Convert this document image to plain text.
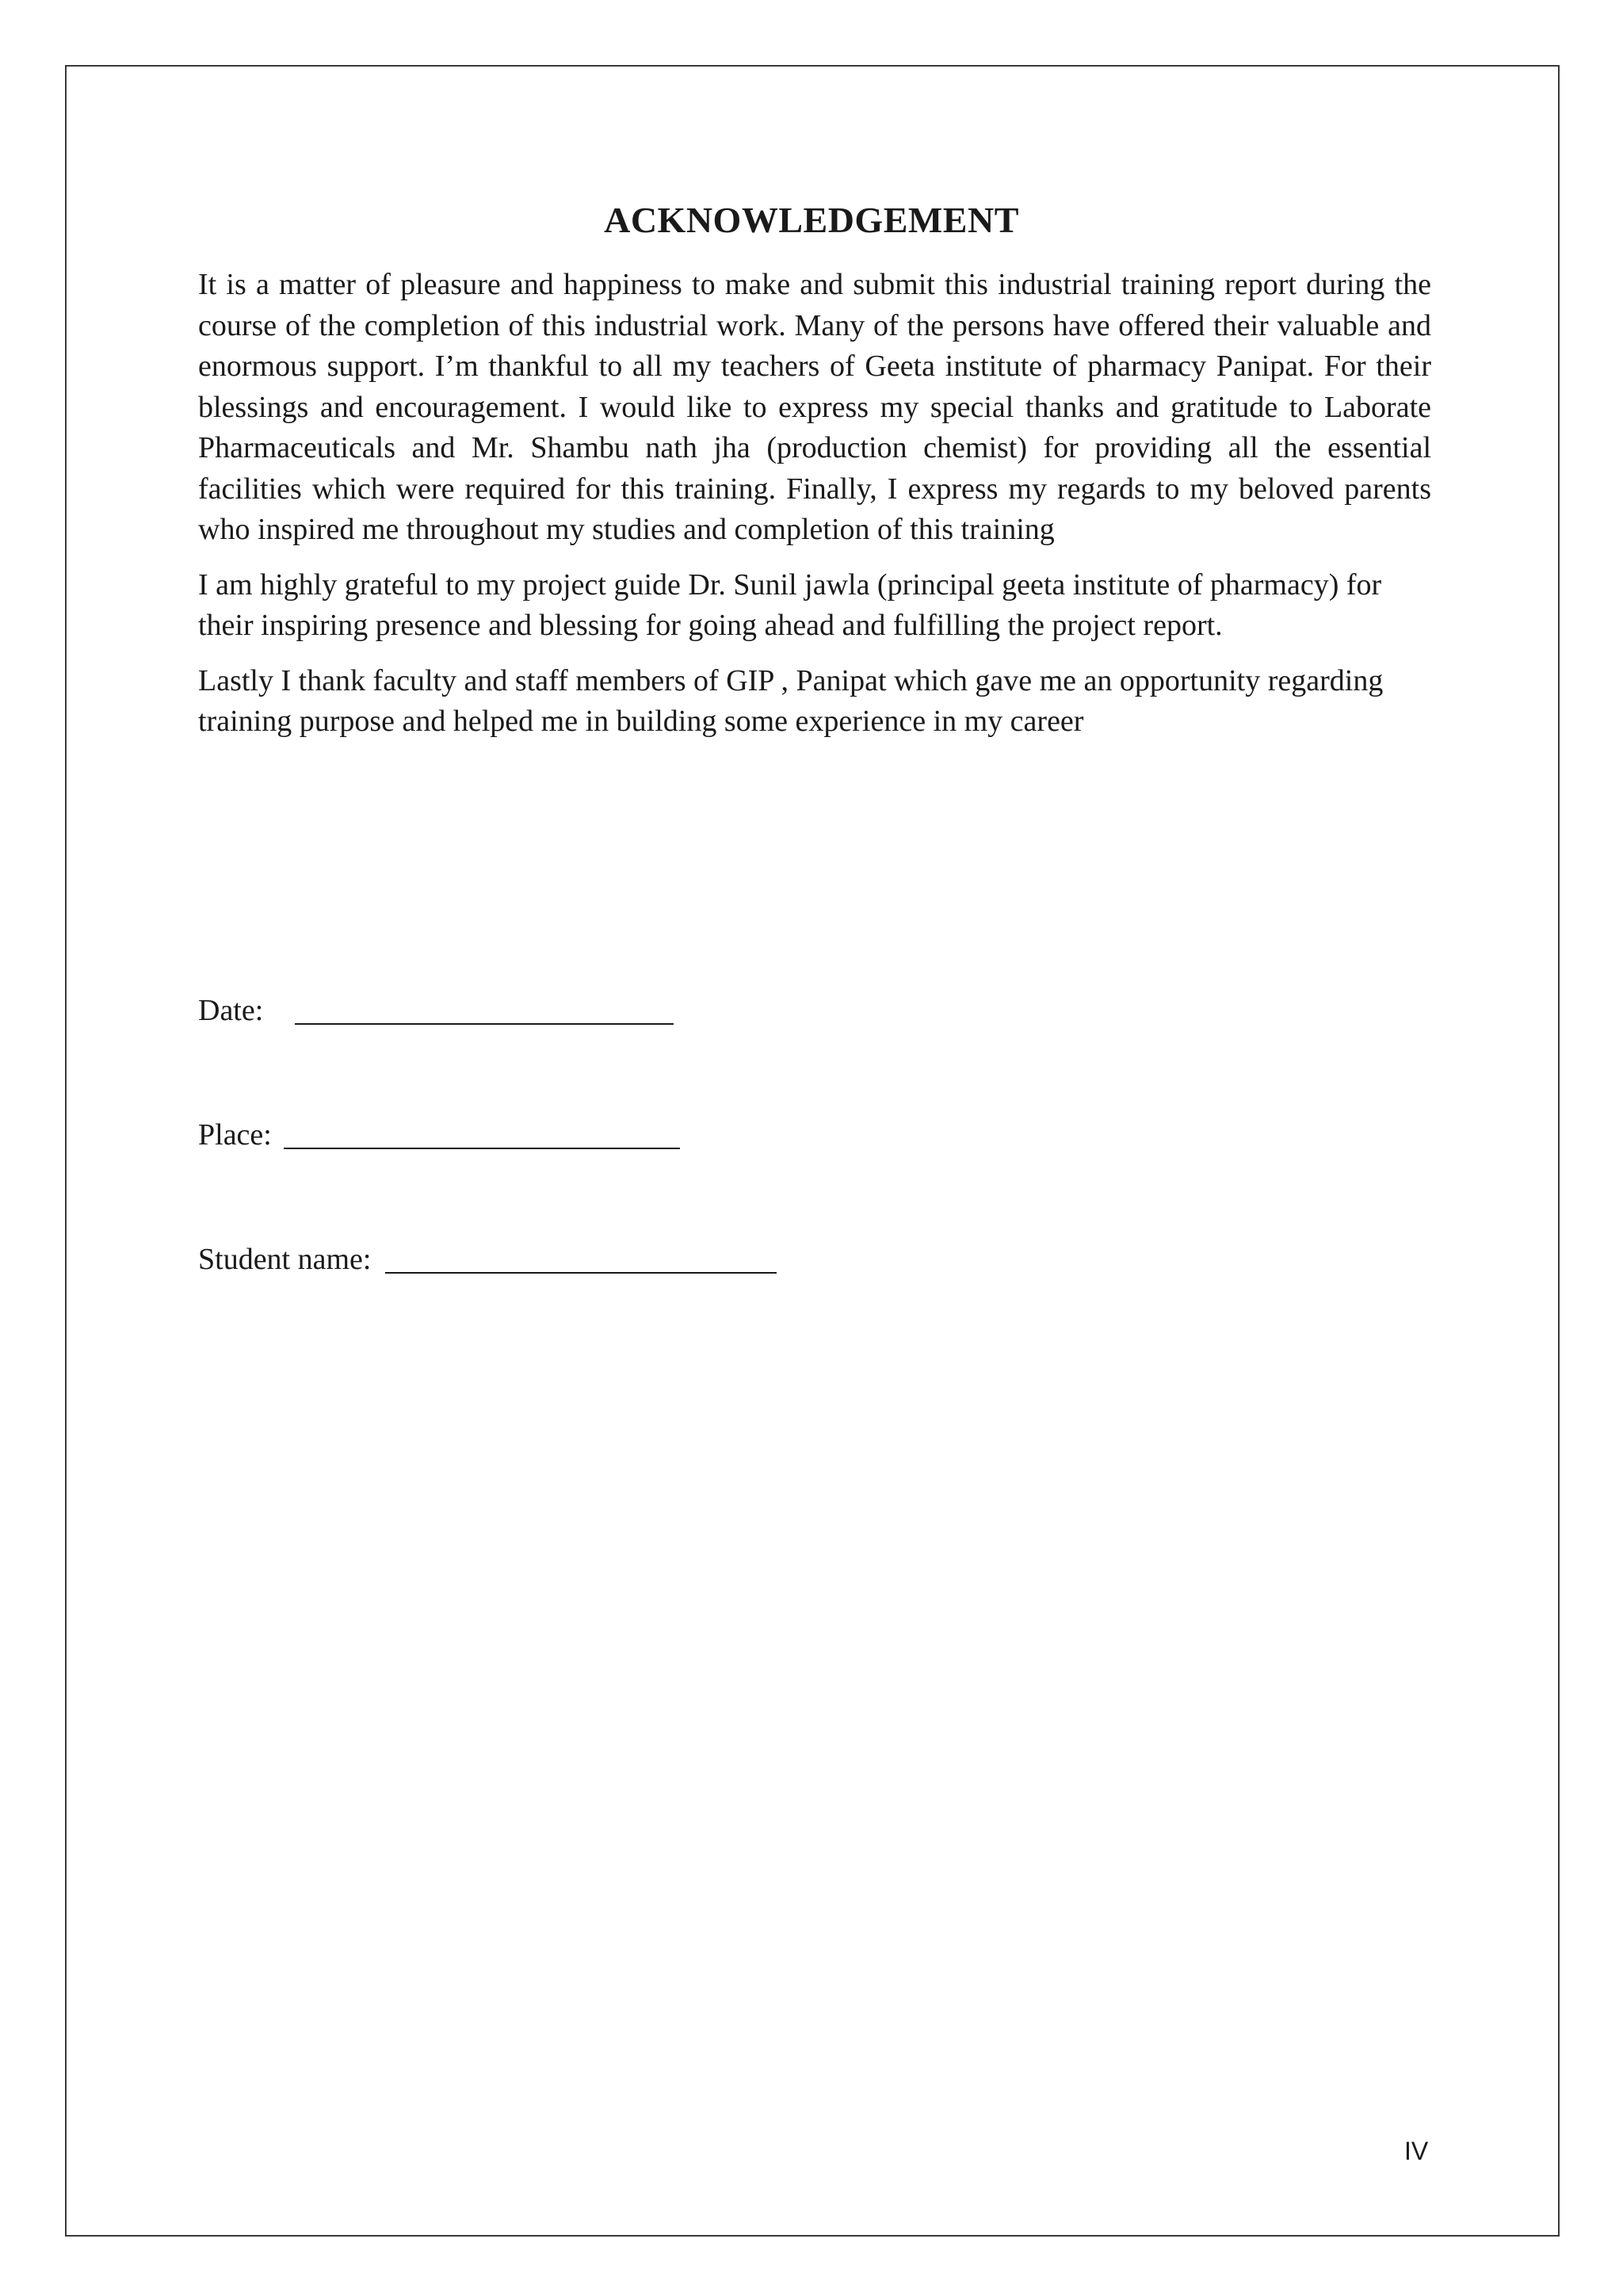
ACKNOWLEDGEMENT

It is a matter of pleasure and happiness to make and submit this industrial training report during the course of the completion of this industrial work. Many of the persons have offered their valuable and enormous support. I’m thankful to all my teachers of Geeta institute of pharmacy Panipat. For their blessings and encouragement. I would like to express my special thanks and gratitude to Laborate Pharmaceuticals and Mr. Shambu nath jha (production chemist) for providing all the essential facilities which were required for this training. Finally, I express my regards to my beloved parents who inspired me throughout my studies and completion of this training

I am highly grateful to my project guide Dr. Sunil jawla (principal geeta institute of pharmacy) for their inspiring presence and blessing for going ahead and fulfilling the project report.

Lastly I thank faculty and staff members of GIP , Panipat which gave me an opportunity regarding training purpose and helped me in building some experience in my career

Date:
Place:
Student name:
IV
